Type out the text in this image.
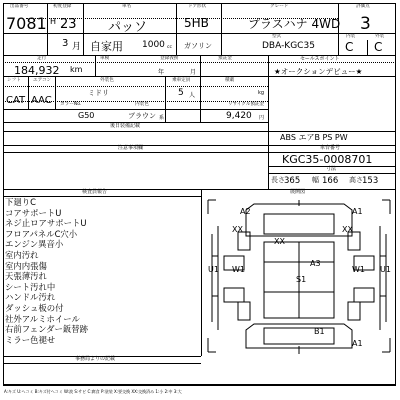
出品番号
7081
初度登録
H 23
3 月
車名
パッソ
自家用 1000 cc
ドア形状
5HB
ガソリン
グレード
プラスハナ 4WD
型式
DBA-KGC35
評価点
3
内装	外装
C C
走行
184,932 km
車検	登録義務
年	月
預託金
シフト
CAT
エアコン
AAC
外装色
ミドリ
乗車定員
5 人
積載
kg
カラーNo.
G50
内装色
ブラウン 系
リサイクル預託金
9,420 円
後日装備記載
セールスポイント
★オークションデビュー★
ABS エアB PS PW
注意事項欄	車台番号
KGC35-0008701
寸法
長さ 365 幅 166 高さ 153
検査員報告	展開図
下廻りC
コアサポートU
ネジ止ロアサポートU
フロアパネルC穴小
エンジン異音小
室内汚れ
室内内張傷
天張薄汚れ
シート汚れ中
ハンドル汚れ
ダッシュ板の付
社外アルミホイール
右前フェンダー鈑替跡
ミラー色褪せ
A2	A1
XX
XX
XX
A3
W1
U1
S1
U1
W1
B1
A1
事務局よりの記載
A:キズ U:ヘコミ B:キズ付ヘコミ W:波 S:サビ C:腐食 P:塗装 X:要交換 XX:交換済み 1:小 2:中 3:大
